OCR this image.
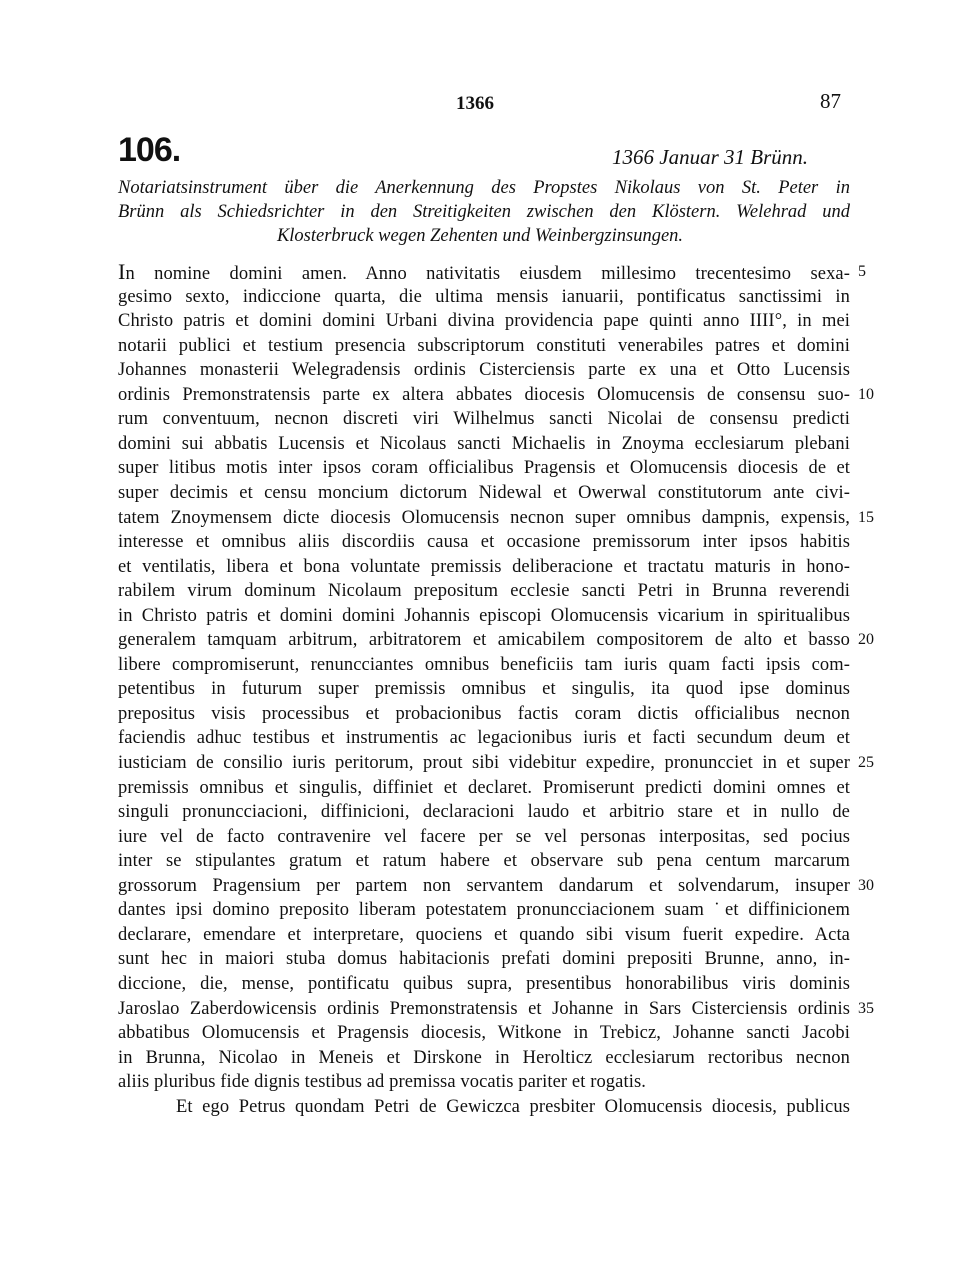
1366	87
106.	1366 Januar 31 Brünn.
Notariatsinstrument über die Anerkennung des Propstes Nikolaus von St. Peter in
Brünn als Schiedsrichter in den Streitigkeiten zwischen den Klöstern. Welehrad und
Klosterbruck wegen Zehenten und Weinbergzinsungen.
In nomine domini amen. Anno nativitatis eiusdem millesimo trecentesimo sexa-
gesimo sexto, indiccione quarta, die ultima mensis ianuarii, pontificatus sanctissimi in
Christo patris et domini domini Urbani divina providencia pape quinti anno IIII°, in mei
notarii publici et testium presencia subscriptorum constituti venerabiles patres et domini
Johannes monasterii Welegradensis ordinis Cisterciensis parte ex una et Otto Lucensis
ordinis Premonstratensis parte ex altera abbates diocesis Olomucensis de consensu suo-
rum conventuum, necnon discreti viri Wilhelmus sancti Nicolai de consensu predicti
domini sui abbatis Lucensis et Nicolaus sancti Michaelis in Znoyma ecclesiarum plebani
super litibus motis inter ipsos coram officialibus Pragensis et Olomucensis diocesis de et
super decimis et censu moncium dictorum Nidewal et Owerwal constitutorum ante civi-
tatem Znoymensem dicte diocesis Olomucensis necnon super omnibus dampnis, expensis,
interesse et omnibus aliis discordiis causa et occasione premissorum inter ipsos habitis
et ventilatis, libera et bona voluntate premissis deliberacione et tractatu maturis in hono-
rabilem virum dominum Nicolaum prepositum ecclesie sancti Petri in Brunna reverendi
in Christo patris et domini domini Johannis episcopi Olomucensis vicarium in spiritualibus
generalem tamquam arbitrum, arbitratorem et amicabilem compositorem de alto et basso
libere compromiserunt, renuncciantes omnibus beneficiis tam iuris quam facti ipsis com-
petentibus in futurum super premissis omnibus et singulis, ita quod ipse dominus
prepositus visis processibus et probacionibus factis coram dictis officialibus necnon
faciendis adhuc testibus et instrumentis ac legacionibus iuris et facti secundum deum et
iusticiam de consilio iuris peritorum, prout sibi videbitur expedire, pronuncciet in et super
premissis omnibus et singulis, diffiniet et declaret. Promiserunt predicti domini omnes et
singuli pronuncciacioni, diffinicioni, declaracioni laudo et arbitrio stare et in nullo de
iure vel de facto contravenire vel facere per se vel personas interpositas, sed pocius
inter se stipulantes gratum et ratum habere et observare sub pena centum marcarum
grossorum Pragensium per partem non servantem dandarum et solvendarum, insuper
dantes ipsi domino preposito liberam potestatem pronuncciacionem suam ˙et diffinicionem
declarare, emendare et interpretare, quociens et quando sibi visum fuerit expedire. Acta
sunt hec in maiori stuba domus habitacionis prefati domini prepositi Brunne, anno, in-
diccione, die, mense, pontificatu quibus supra, presentibus honorabilibus viris dominis
Jaroslao Zaberdowicensis ordinis Premonstratensis et Johanne in Sars Cisterciensis ordinis
abbatibus Olomucensis et Pragensis diocesis, Witkone in Trebicz, Johanne sancti Jacobi
in Brunna, Nicolao in Meneis et Dirskone in Herolticz ecclesiarum rectoribus necnon
aliis pluribus fide dignis testibus ad premissa vocatis pariter et rogatis.
Et ego Petrus quondam Petri de Gewiczca presbiter Olomucensis diocesis, publicus
5
10
15
20
25
30
35
